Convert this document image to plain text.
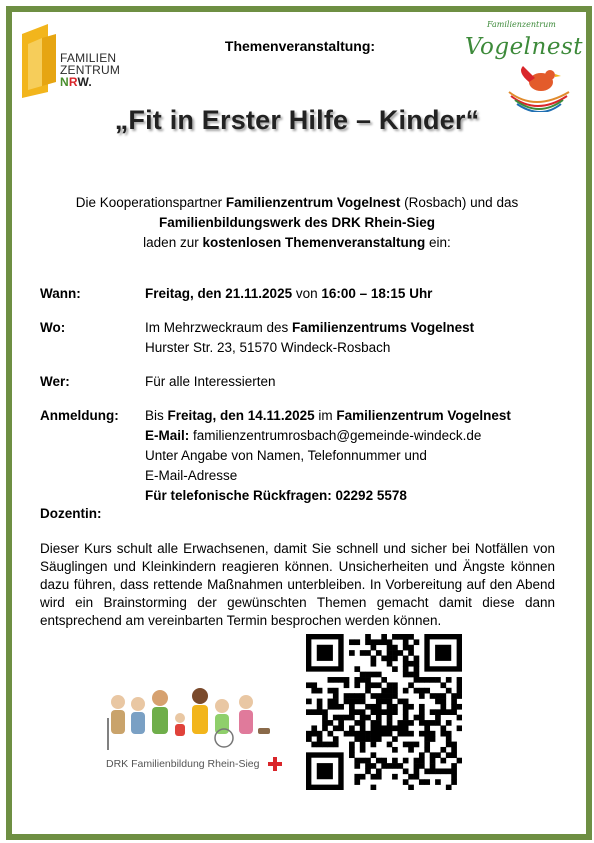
FAMILIEN
ZENTRUM
NRW.
Themenveranstaltung:
Familienzentrum
Vogelnest
„Fit in Erster Hilfe – Kinder“
Die Kooperationspartner Familienzentrum Vogelnest (Rosbach) und das
Familienbildungswerk des DRK Rhein-Sieg
laden zur kostenlosen Themenveranstaltung ein:
Wann:	Freitag, den 21.11.2025 von 16:00 – 18:15 Uhr
Wo:	Im Mehrzweckraum des Familienzentrums Vogelnest
Hurster Str. 23, 51570 Windeck-Rosbach
Wer:	Für alle Interessierten
Anmeldung: Bis Freitag, den 14.11.2025 im Familienzentrum Vogelnest
E-Mail: familienzentrumrosbach@gemeinde-windeck.de
Unter Angabe von Namen, Telefonnummer und
E-Mail-Adresse
Für telefonische Rückfragen: 02292 5578
Dozentin:
Dieser Kurs schult alle Erwachsenen, damit Sie schnell und sicher bei Notfällen von Säuglingen und Kleinkindern reagieren können. Unsicherheiten und Ängste können dazu führen, dass rettende Maßnahmen unterbleiben. In Vorbereitung auf den Abend wird ein Brainstorming der gewünschten Themen gemacht damit diese dann entsprechend am vereinbarten Termin besprochen werden können.
DRK Familienbildung Rhein-Sieg
